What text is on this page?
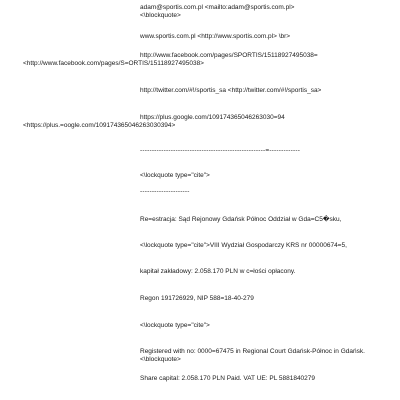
adam@sportis.com.pl <mailto:adam@sportis.com.pl>

<\blockquote>

www.sportis.com.pl <http://www.sportis.com.pl> \br>

http://www.facebook.com/pages/SPORTIS/15118927495038=

<http://www.facebook.com/pages/S=ORTIS/15118927495038>

http://twitter.com/#!/sportis_sa <http://twitter.com/#!/sportis_sa>

https://plus.google.com/109174365046263030=94

<https://plus.=oogle.com/109174365046263030394>

-----------------------------------------------------=-------------

<\lockquote type="cite">

---------------------

Re=estracja: Sąd Rejonowy Gdańsk Północ Oddział w Gda=C5�sku,

<\lockquote type="cite">VIII Wydział Gospodarczy KRS nr 00000674=5,

kapitał zakładowy: 2.058.170 PLN w c=łości opłacony.

Regon 191726929, NIP 588=18-40-279

<\lockquote type="cite">

Registered with no: 0000=67475 in Regional Court Gdańsk-Północ in Gdańsk.

<\blockquote>

Share capital: 2.058.170 PLN Paid. VAT UE: PL 5881840279
